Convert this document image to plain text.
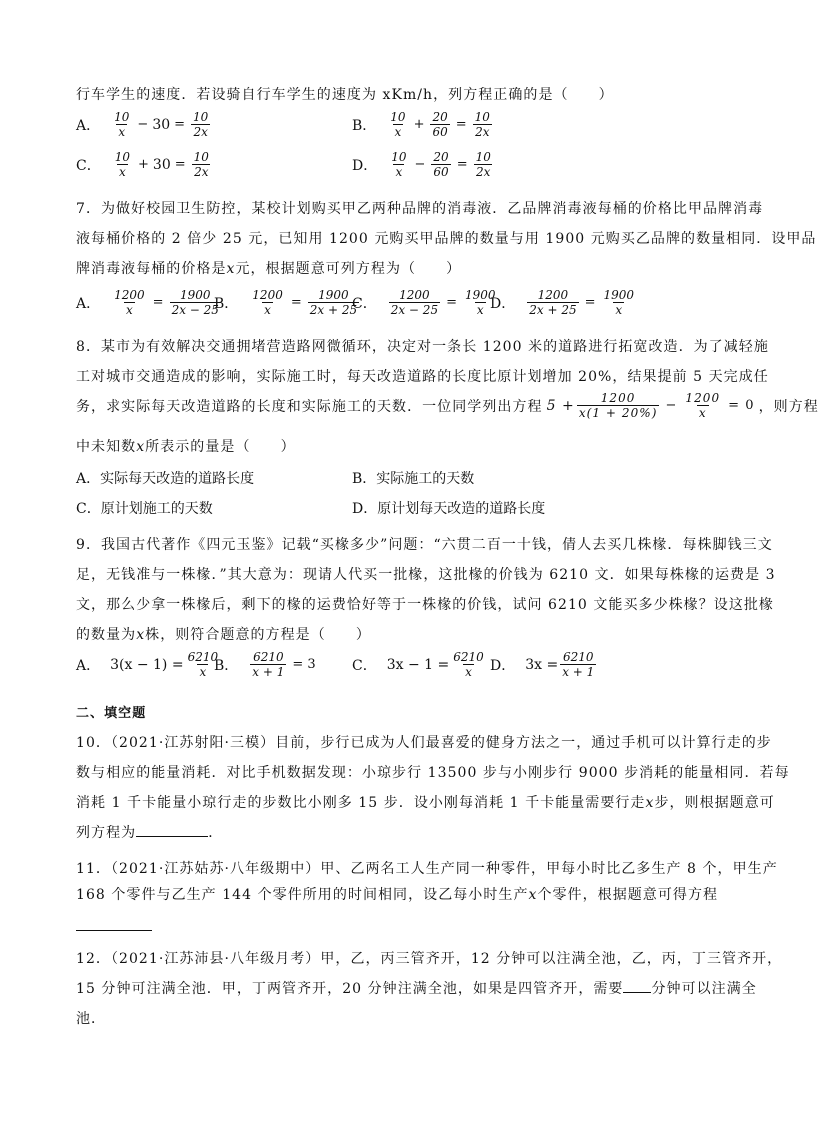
行车学生的速度．若设骑自行车学生的速度为 xKm/h，列方程正确的是（　　）
A． $\frac{10}{x} - 30 = \frac{10}{2x}$	B． $\frac{10}{x} + \frac{20}{60} = \frac{10}{2x}$
C． $\frac{10}{x} + 30 = \frac{10}{2x}$	D． $\frac{10}{x} - \frac{20}{60} = \frac{10}{2x}$
7．为做好校园卫生防控，某校计划购买甲乙两种品牌的消毒液．乙品牌消毒液每桶的价格比甲品牌消毒
液每桶价格的 2 倍少 25 元，已知用 1200 元购买甲品牌的数量与用 1900 元购买乙品牌的数量相同．设甲品
牌消毒液每桶的价格是x元，根据题意可列方程为（　　）
A． $\frac{1200}{x} = \frac{1900}{2x - 25}$
B． $\frac{1200}{x} = \frac{1900}{2x + 25}$
C． $\frac{1200}{2x - 25} = \frac{1900}{x}$
D． $\frac{1200}{2x + 25} = \frac{1900}{x}$
8．某市为有效解决交通拥堵营造路网微循环，决定对一条长 1200 米的道路进行拓宽改造．为了减轻施
工对城市交通造成的影响，实际施工时，每天改造道路的长度比原计划增加 20%，结果提前 5 天完成任
务，求实际每天改造道路的长度和实际施工的天数．一位同学列出方程 $5 + \frac{1200}{x(1 + 20\%)} - \frac{1200}{x} = 0$ ，则方程
中未知数x所表示的量是（　　）
A． 实际每天改造的道路长度	B． 实际施工的天数
C． 原计划施工的天数	D． 原计划每天改造的道路长度
9．我国古代著作《四元玉鉴》记载“买椽多少”问题：“六贯二百一十钱，倩人去买几株椽．每株脚钱三文
足，无钱准与一株椽．”其大意为：现请人代买一批椽，这批椽的价钱为 6210 文．如果每株椽的运费是 3
文，那么少拿一株椽后，剩下的椽的运费恰好等于一株椽的价钱，试问 6210 文能买多少株椽？设这批椽
的数量为x株，则符合题意的方程是（　　）
A． $3(x - 1) = \frac{6210}{x}$
B． $\frac{6210}{x + 1} = 3$	C． $3x - 1 = \frac{6210}{x}$ D． $3x = \frac{6210}{x + 1}$
二、填空题
10．（2021·江苏射阳·三模）目前，步行已成为人们最喜爱的健身方法之一，通过手机可以计算行走的步
数与相应的能量消耗．对比手机数据发现：小琼步行 13500 步与小刚步行 9000 步消耗的能量相同．若每
消耗 1 千卡能量小琼行走的步数比小刚多 15 步．设小刚每消耗 1 千卡能量需要行走x步，则根据题意可
列方程为	．
11．（2021·江苏姑苏·八年级期中）甲、乙两名工人生产同一种零件，甲每小时比乙多生产 8 个，甲生产
168 个零件与乙生产 144 个零件所用的时间相同，设乙每小时生产x个零件，根据题意可得方程
12．（2021·江苏沛县·八年级月考）甲，乙，丙三管齐开，12 分钟可以注满全池，乙，丙，丁三管齐开，
15 分钟可注满全池．甲，丁两管齐开，20 分钟注满全池，如果是四管齐开，需要 分钟可以注满全
池．
